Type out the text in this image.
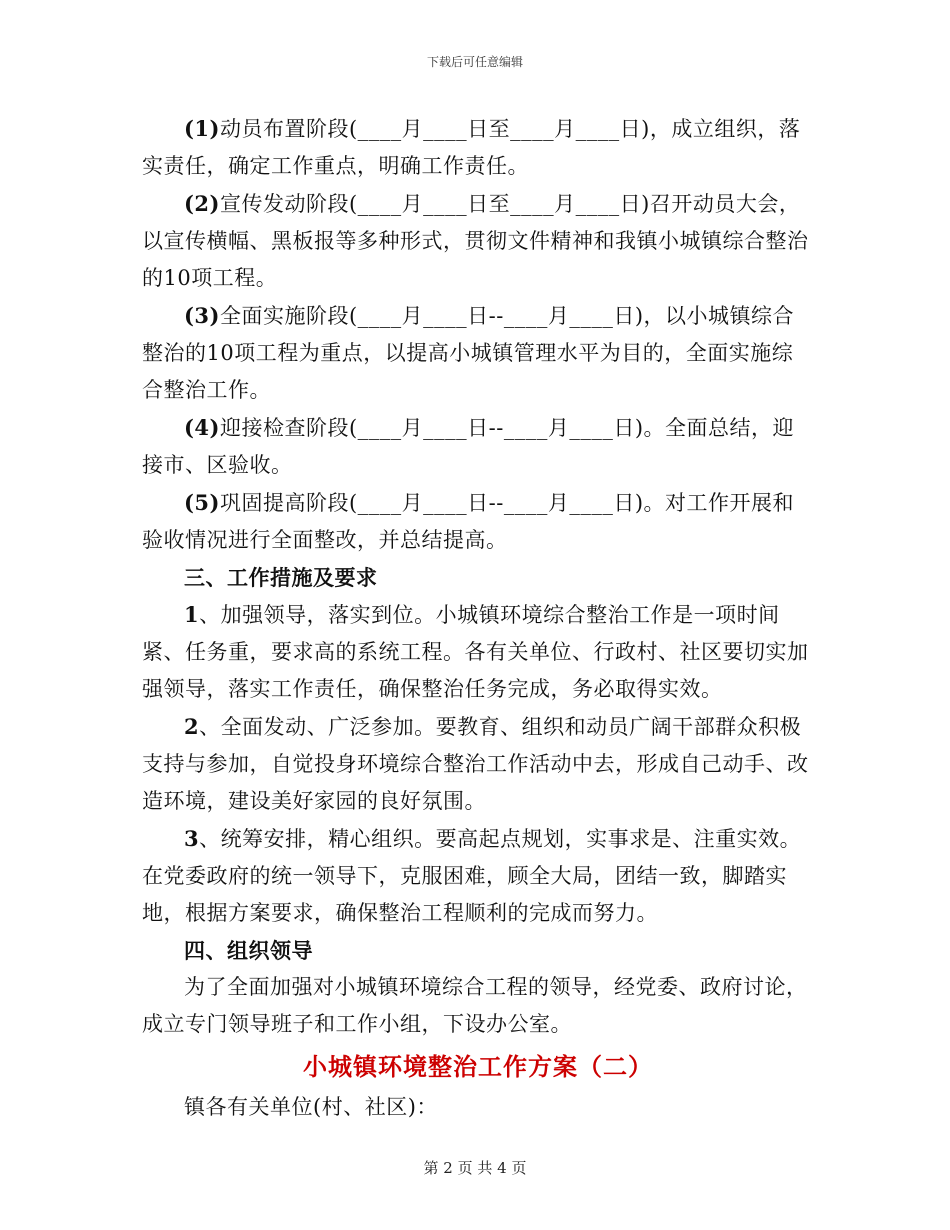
下载后可任意编辑

(1)动员布置阶段(____月____日至____月____日)，成立组织，落实责任，确定工作重点，明确工作责任。

(2)宣传发动阶段(____月____日至____月____日)召开动员大会，以宣传横幅、黑板报等多种形式，贯彻文件精神和我镇小城镇综合整治的10项工程。

(3)全面实施阶段(____月____日--____月____日)，以小城镇综合整治的10项工程为重点，以提高小城镇管理水平为目的，全面实施综合整治工作。

(4)迎接检查阶段(____月____日--____月____日)。全面总结，迎接市、区验收。

(5)巩固提高阶段(____月____日--____月____日)。对工作开展和验收情况进行全面整改，并总结提高。

三、工作措施及要求

1、加强领导，落实到位。小城镇环境综合整治工作是一项时间紧、任务重，要求高的系统工程。各有关单位、行政村、社区要切实加强领导，落实工作责任，确保整治任务完成，务必取得实效。

2、全面发动、广泛参加。要教育、组织和动员广阔干部群众积极支持与参加，自觉投身环境综合整治工作活动中去，形成自己动手、改造环境，建设美好家园的良好氛围。

3、统筹安排，精心组织。要高起点规划，实事求是、注重实效。在党委政府的统一领导下，克服困难，顾全大局，团结一致，脚踏实地，根据方案要求，确保整治工程顺利的完成而努力。

四、组织领导

为了全面加强对小城镇环境综合工程的领导，经党委、政府讨论，成立专门领导班子和工作小组，下设办公室。

小城镇环境整治工作方案（二）

镇各有关单位(村、社区)：

第 2 页 共 4 页
